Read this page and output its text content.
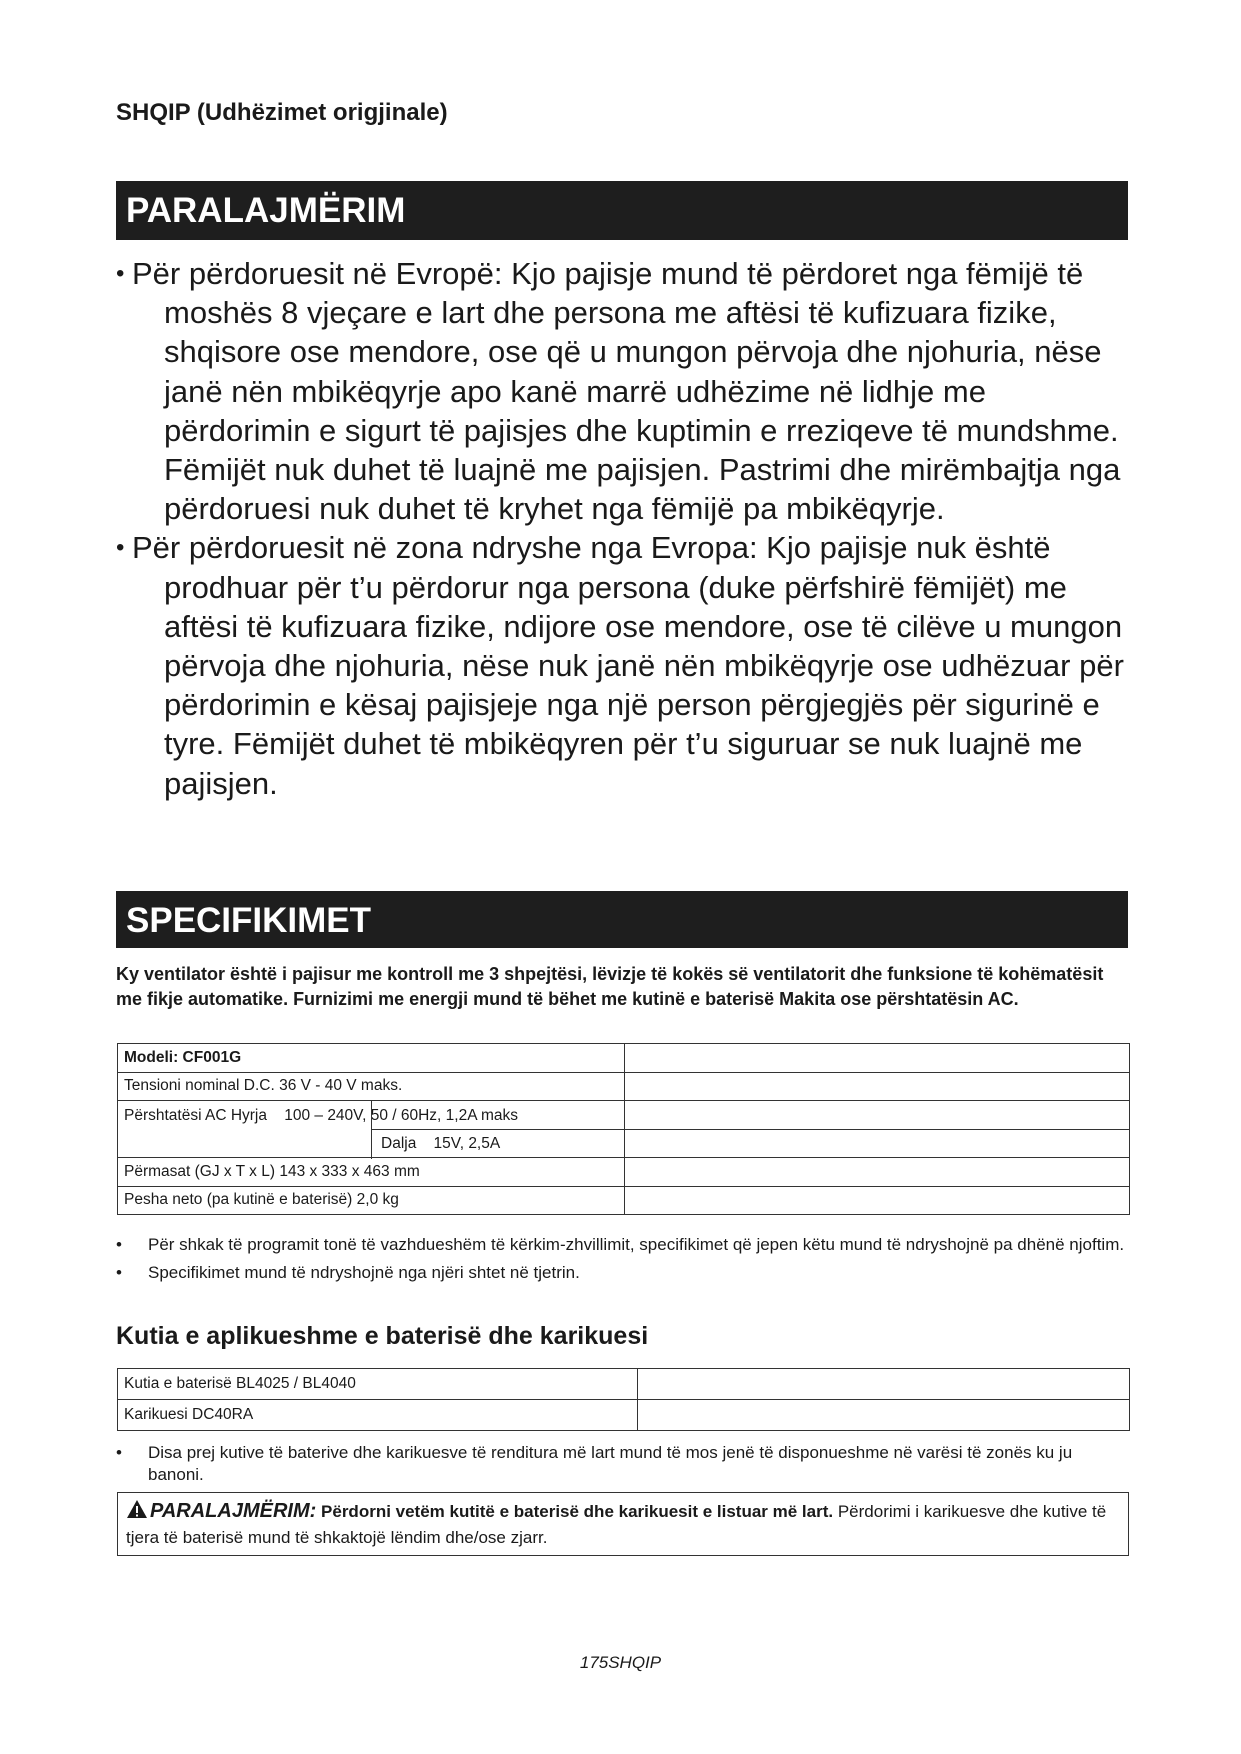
SHQIP (Udhëzimet origjinale)
PARALAJMËRIM
• Për përdoruesit në Evropë: Kjo pajisje mund të përdoret nga fëmijë të moshës 8 vjeçare e lart dhe persona me aftësi të kufizuara fizike, shqisore ose mendore, ose që u mungon përvoja dhe njohuria, nëse janë nën mbikëqyrje apo kanë marrë udhëzime në lidhje me përdorimin e sigurt të pajisjes dhe kuptimin e rreziqeve të mundshme. Fëmijët nuk duhet të luajnë me pajisjen. Pastrimi dhe mirëmbajtja nga përdoruesi nuk duhet të kryhet nga fëmijë pa mbikëqyrje.
• Për përdoruesit në zona ndryshe nga Evropa: Kjo pajisje nuk është prodhuar për t’u përdorur nga persona (duke përfshirë fëmijët) me aftësi të kufizuara fizike, ndijore ose mendore, ose të cilëve u mungon përvoja dhe njohuria, nëse nuk janë nën mbikëqyrje ose udhëzuar për përdorimin e kësaj pajisjeje nga një person përgjegjës për sigurinë e tyre. Fëmijët duhet të mbikëqyren për t’u siguruar se nuk luajnë me pajisjen.
SPECIFIKIMET

Ky ventilator është i pajisur me kontroll me 3 shpejtësi, lëvizje të kokës së ventilatorit dhe funksione të kohëmatësit me fikje automatike. Furnizimi me energji mund të bëhet me kutinë e baterisë Makita ose përshtatësin AC.

Modeli: CF001G	
Tensioni nominal D.C. 36 V - 40 V maks.	

Përshtatësi AC Hyrja    100 – 240V, 50 / 60Hz, 1,2A maks
Dalja    15V, 2,5A	

Përmasat (GJ x T x L) 143 x 333 x 463 mm	
Pesha neto (pa kutinë e baterisë) 2,0 kg	
• Për shkak të programit tonë të vazhdueshëm të kërkim-zhvillimit, specifikimet që jepen këtu mund të ndryshojnë pa dhënë njoftim.
• Specifikimet mund të ndryshojnë nga njëri shtet në tjetrin.
Kutia e aplikueshme e baterisë dhe karikuesi
Kutia e baterisë BL4025 / BL4040	
Karikuesi DC40RA	
• Disa prej kutive të baterive dhe karikuesve të renditura më lart mund të mos jenë të disponueshme në varësi të zonës ku ju banoni.
PARALAJMËRIM: Përdorni vetëm kutitë e baterisë dhe karikuesit e listuar më lart. Përdorimi i karikuesve dhe kutive të tjera të baterisë mund të shkaktojë lëndim dhe/ose zjarr.
175SHQIP
